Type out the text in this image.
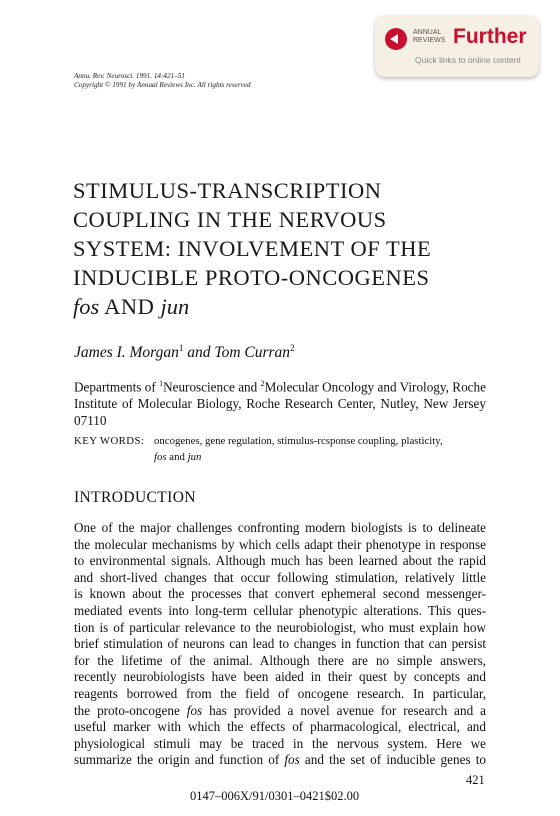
ANNUAL
REVIEWS Further
Quick links to online content
Annu. Rev. Neurosci. 1991. 14:421–51
Copyright © 1991 by Annual Reviews Inc. All rights reserved
STIMULUS-TRANSCRIPTION
COUPLING IN THE NERVOUS
SYSTEM: INVOLVEMENT OF THE
INDUCIBLE PROTO-ONCOGENES
fos AND jun
James I. Morgan$^1$ and Tom Curran$^2$
Departments of $^1$Neuroscience and $^2$Molecular Oncology and Virology, Roche Institute of Molecular Biology, Roche Research Center, Nutley, New Jersey 07110
KEY WORDS: oncogenes, gene regulation, stimulus-rcsponse coupling, plasticity,
fos and jun
INTRODUCTION
One of the major challenges confronting modern biologists is to delineate
the molecular mechanisms by which cells adapt their phenotype in response
to environmental signals. Although much has been learned about the rapid
and short-lived changes that occur following stimulation, relatively little
is known about the processes that convert ephemeral second messenger-
mediated events into long-term cellular phenotypic alterations. This ques-
tion is of particular relevance to the neurobiologist, who must explain how
brief stimulation of neurons can lead to changes in function that can persist
for the lifetime of the animal. Although there are no simple answers,
recently neurobiologists have been aided in their quest by concepts and
reagents borrowed from the field of oncogene research. In particular,
the proto-oncogene fos has provided a novel avenue for research and a
useful marker with which the effects of pharmacological, electrical, and
physiological stimuli may be traced in the nervous system. Here we
summarize the origin and function of fos and the set of inducible genes to
421
0147–006X/91/0301–0421$02.00
